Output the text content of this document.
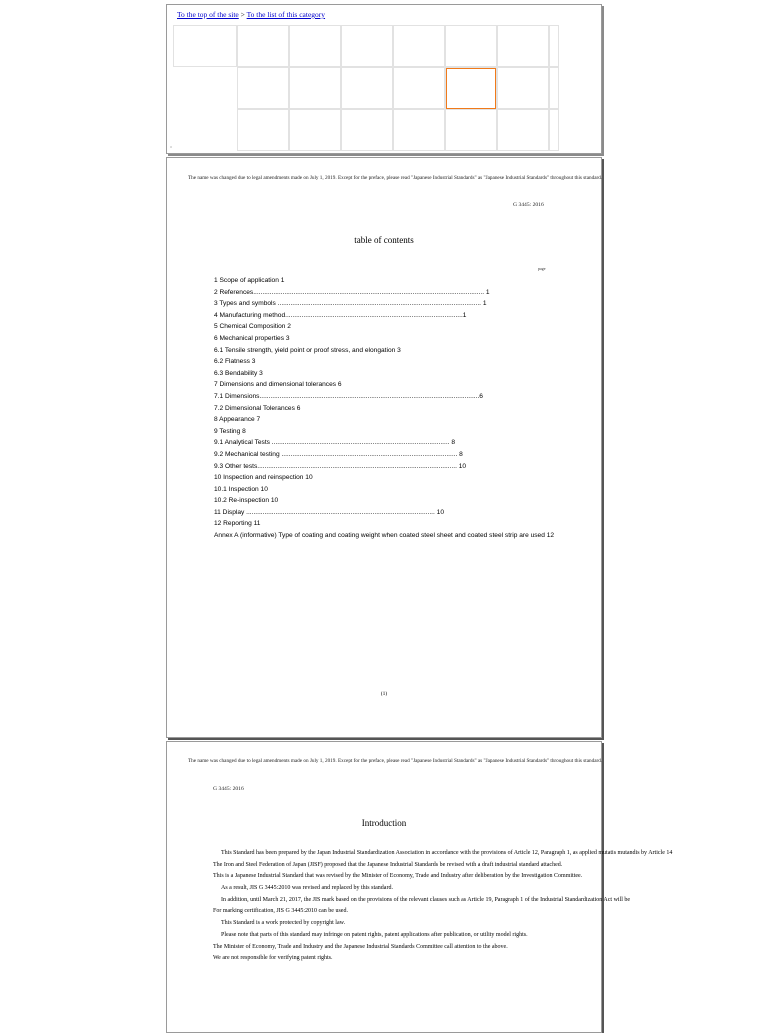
To the top of the site > To the list of this category
▫
The name was changed due to legal amendments made on July 1, 2019. Except for the preface, please read "Japanese Industrial Standards" as "Japanese Industrial Standards" throughout this standard.
G 3445: 2016
table of contents
page
1 Scope of application 1
2 References.............................................................................................................................. 1
3 Types and symbols ............................................................................................................... 1
4 Manufacturing method.................................................................................................1
5 Chemical Composition 2
6 Mechanical properties 3
6.1 Tensile strength, yield point or proof stress, and elongation 3
6.2 Flatness 3
6.3 Bendability 3
7 Dimensions and dimensional tolerances 6
7.1 Dimensions........................................................................................................................6
7.2 Dimensional Tolerances 6
8 Appearance 7
9 Testing 8
9.1 Analytical Tests ................................................................................................. 8
9.2 Mechanical testing ................................................................................................ 8
9.3 Other tests............................................................................................................. 10
10 Inspection and reinspection 10
10.1 Inspection 10
10.2 Re-inspection 10
11 Display ....................................................................................................... 10
12 Reporting 11
Annex A (informative) Type of coating and coating weight when coated steel sheet and coated steel strip are used 12
(1)
The name was changed due to legal amendments made on July 1, 2019. Except for the preface, please read "Japanese Industrial Standards" as "Japanese Industrial Standards" throughout this standard.
G 3445: 2016
Introduction
This Standard has been prepared by the Japan Industrial Standardization Association in accordance with the provisions of Article 12, Paragraph 1, as applied mutatis mutandis by Article 14
The Iron and Steel Federation of Japan (JISF) proposed that the Japanese Industrial Standards be revised with a draft industrial standard attached.
This is a Japanese Industrial Standard that was revised by the Minister of Economy, Trade and Industry after deliberation by the Investigation Committee.
As a result, JIS G 3445:2010 was revised and replaced by this standard.
In addition, until March 21, 2017, the JIS mark based on the provisions of the relevant clauses such as Article 19, Paragraph 1 of the Industrial Standardization Act will be
For marking certification, JIS G 3445:2010 can be used.
This Standard is a work protected by copyright law.
Please note that parts of this standard may infringe on patent rights, patent applications after publication, or utility model rights.
The Minister of Economy, Trade and Industry and the Japanese Industrial Standards Committee call attention to the above.
We are not responsible for verifying patent rights.
